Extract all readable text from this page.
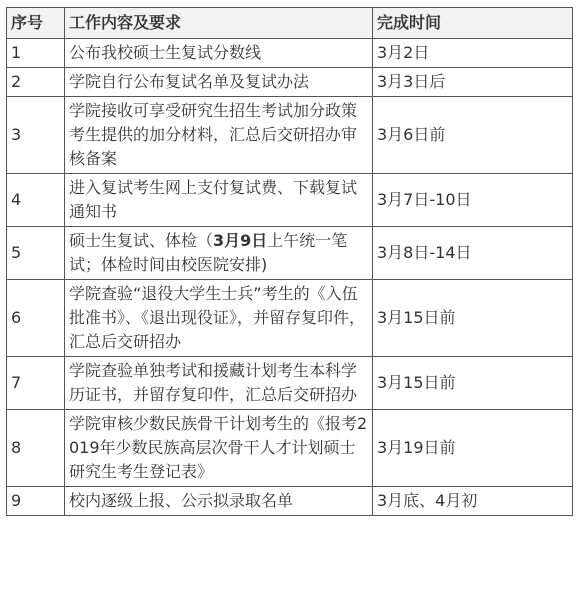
序号	工作内容及要求	完成时间
1	公布我校硕士生复试分数线	3月2日
2	学院自行公布复试名单及复试办法	3月3日后
3	学院接收可享受研究生招生考试加分政策考生提供的加分材料，汇总后交研招办审核备案	3月6日前
4	进入复试考生网上支付复试费、下载复试通知书	3月7日-10日
5	硕士生复试、体检（3月9日上午统一笔试；体检时间由校医院安排)	3月8日-14日
6	学院查验“退役大学生士兵”考生的《入伍批准书》、《退出现役证》，并留存复印件，汇总后交研招办	3月15日前
7	学院查验单独考试和援藏计划考生本科学历证书，并留存复印件，汇总后交研招办	3月15日前
8	学院审核少数民族骨干计划考生的《报考2019年少数民族高层次骨干人才计划硕士研究生考生登记表》	3月19日前
9	校内逐级上报、公示拟录取名单	3月底、4月初
